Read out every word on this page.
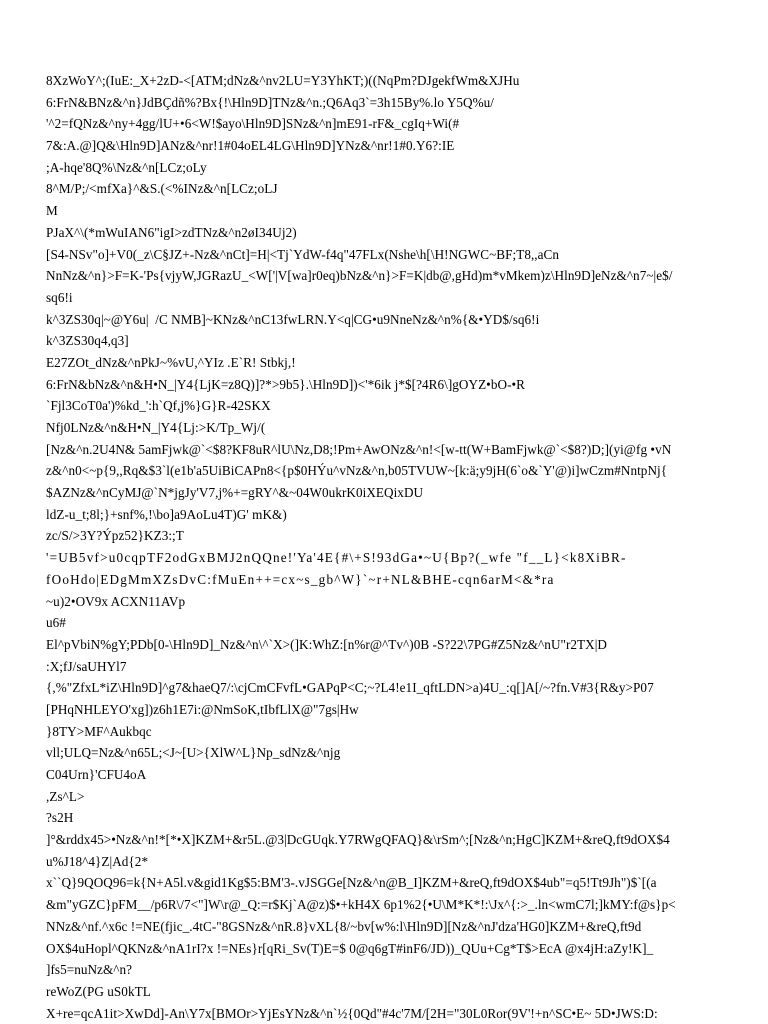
8XzWoY^;(IuE:_X+2zD-<[ATM;dNz&^nv2LU=Y3YhKT;)((NqPm?DJgekfWm&XJHu
6:FrN&BNz&^n}JdBÇdñ%?Bx{!\Hln9D]TNz&^n.;Q6Aq3`=3h15By%.lo Y5Q%u/
'^2=fQNz&^ny+4gg/lU+•6<W!$ayo\Hln9D]SNz&^n]mE91-rF&_cgIq+Wi(#
7&:A.@]Q&\Hln9D]ANz&^nr!1#04oEL4LG\Hln9D]YNz&^nr!1#0.Y6?:IE
;A-hqe'8Q%\Nz&^n[LCz;oLy
8^M/P;/<mfXa}^&S.(<%INz&^n[LCz;oLJ
M
PJaX^\(*mWuIAN6"igI>zdTNz&^n2øI34Uj2)
[S4-NSv"o]+V0(_z\C§JZ+-Nz&^nCt]=H|<Tj`YdW-f4q"47FLx(Nshe\h[\H!NGWC~BF;T8,,aCn
NnNz&^n}>F=K-'Ps{vjyW,JGRazU_<W['|V[wa]r0eq)bNz&^n}>F=K|db@,gHd)m*vMkem)z\Hln9D]eNz&^n7~|e$/
sq6!i
k^3ZS30q|~@Y6u|  /C NMB]~KNz&^nC13fwLRN.Y<q|CG•u9NneNz&^n%{&•YD$/sq6!i
k^3ZS30q4,q3]
E27ZOt_dNz&^nPkJ~%vU,^YIz .E`R! Stbkj,!
6:FrN&bNz&^n&H•N_|Y4{LjK=z8Q)]?*>9b5}.\Hln9D])<'*6ik j*$[?4R6\]gOYZ•bO-•R
`Fjl3CoT0a')%kd_':h`Qf,j%}G}R-42SKX
Nfj0LNz&^n&H•N_|Y4{Lj:>K/Tp_Wj/(
[Nz&^n.2U4N& 5amFjwk@`<$8?KF8uR^lU\Nz,D8;!Pm+AwONz&^n!<[w-tt(W+BamFjwk@`<$8?)D;](yi@fg •vN
z&^n0<~p{9,,Rq&$3`l(e1b'a5UiBiCAPn8<{p$0HÝu^vNz&^n,b05TVUW~[k:ä;y9jH(6`o&`Y'@)i]wCzm#NntpNj{
$AZNz&^nCyMJ@`N*jgJy'V7,j%+=gRY^&~04W0ukrK0iXEQixDU
ldZ-u_t;8l;}+snf%,!\bo]a9AoLu4T)G' mK&)
zc/S/>3Y?Ýpz52}KZ3:;T
'=UB5vf>u0cqpTF2odGxBMJ2nQQne!'Ya'4E{#\+S!93dGa•~U{Bp?(_wfe "f__L}<k8XiBR-
fOoHdo|EDgMmXZsDvC:fMuEn++=cx~s_gb^W}`~r+NL&BHE-cqn6arM<&*ra
~u)2•OV9x ACXN11AVp
u6#
El^pVbiN%gY;PDb[0-\Hln9D]_Nz&^n\^`X>(]K:WhZ:[n%r@^Tv^)0B -S?22\7PG#Z5Nz&^nU"r2TX|D
:X;fJ/saUHYl7
{,%"ZfxL*iZ\Hln9D]^g7&haeQ7/:\cjCmCFvfL•GAPqP<C;~?L4!e1I_qftLDN>a)4U_:q[]A[/~?fn.V#3{R&y>P07
[PHqNHLEYO'xg])z6h1E7i:@NmSoK,tIbfLlX@"7gs|Hw
}8TY>MF^Aukbqc
vll;ULQ=Nz&^n65L;<J~[U>{XlW^L}Np_sdNz&^njg
C04Urn}'CFU4oA
,Zs^L>
?s2H
]°&rddx45>•Nz&^n!*[*•X]KZM+&r5L.@3|DcGUqk.Y7RWgQFAQ}&\rSm^;[Nz&^n;HgC]KZM+&reQ,ft9dOX$4
u%J18^4}Z|Ad{2*
x``Q}9QOQ96=k{N+A5l.v&gid1Kg$5:BM'3-.vJSGGe[Nz&^n@B_I]KZM+&reQ,ft9dOX$4ub"=q5!Tt9Jh")$`[(a
&m"yGZC}pFM__/p6R\/7<"]W\r@_Q:=r$Kj`A@z)$•+kH4X 6p1%2{•U\M*K*!:\Jx^{:>_.ln<wmC7l;]kMY:f@s}p<
NNz&^nf.^x6c !=NE(fjic_.4tC-"8GSNz&^nR.8}vXL{8/~bv[w%:l\Hln9D][Nz&^nJ'dza'HG0]KZM+&reQ,ft9d
OX$4uHopl^QKNz&^nA1rI?x !=NEs}r[qRi_Sv(T)E=$ 0@q6gT#inF6/JD))_QUu+Cg*T$>EcA @x4jH:aZy!K]_
]fs5=nuNz&^n?
reWoZ(PG uS0kTL
X+re=qcA1it>XwDd]-An\Y7x[BMOr>YjEsYNz&^n`½{0Qd"#4c'7M/[2H="30L0Ror(9V'!+n^SC•E~ 5D•JWS:D:
